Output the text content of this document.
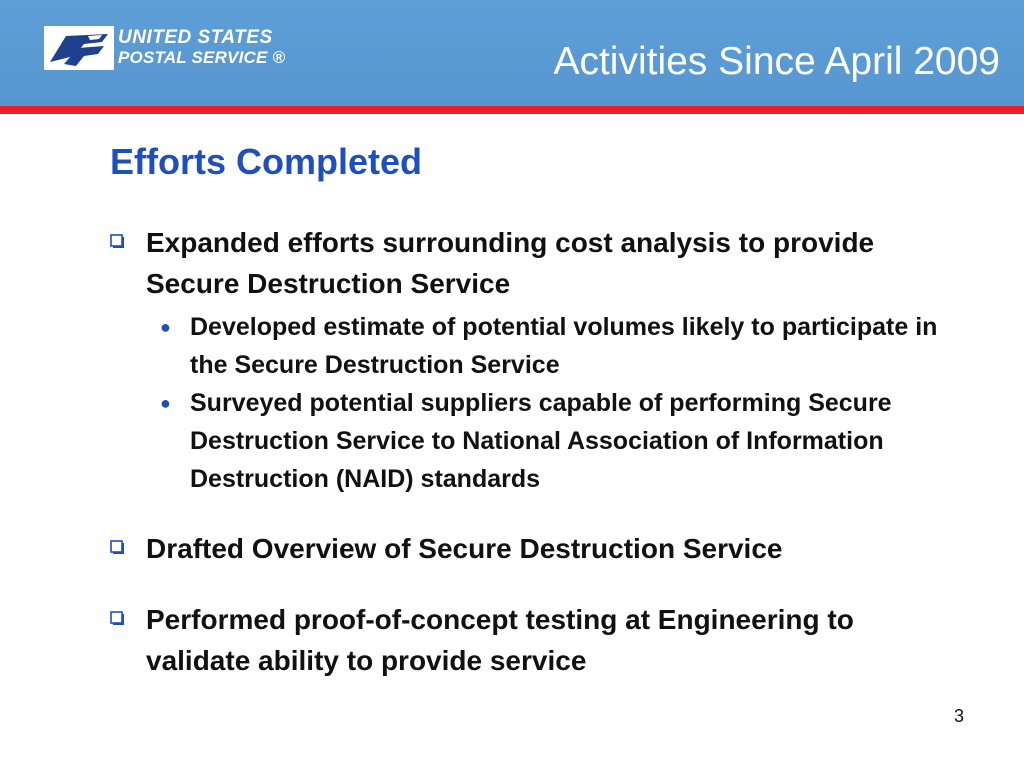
UNITED STATES
POSTAL SERVICE ®	Activities Since April 2009
Efforts Completed
Expanded efforts surrounding cost analysis to provide Secure Destruction Service
● Developed estimate of potential volumes likely to participate in the Secure Destruction Service
● Surveyed potential suppliers capable of performing Secure Destruction Service to National Association of Information Destruction (NAID) standards
Drafted Overview of Secure Destruction Service
Performed proof-of-concept testing at Engineering to validate ability to provide service
3
